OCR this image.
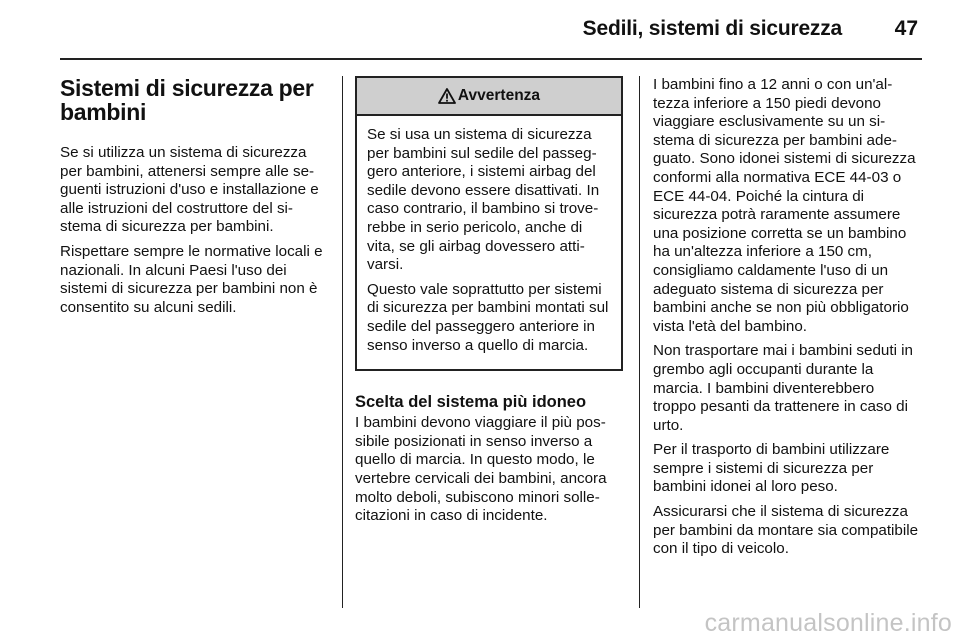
Sedili, sistemi di sicurezza	47
Sistemi di sicurezza per
bambini

Se si utilizza un sistema di sicurezza per bambini, attenersi sempre alle seguenti istruzioni d'uso e installazione e alle istruzioni del costruttore del sistema di sicurezza per bambini.

Rispettare sempre le normative locali e nazionali. In alcuni Paesi l'uso dei sistemi di sicurezza per bambini non è consentito su alcuni sedili.

Avvertenza

Se si usa un sistema di sicurezza per bambini sul sedile del passeggero anteriore, i sistemi airbag del sedile devono essere disattivati. In caso contrario, il bambino si troverebbe in serio pericolo, anche di vita, se gli airbag dovessero attivarsi.

Questo vale soprattutto per sistemi di sicurezza per bambini montati sul sedile del passeggero anteriore in senso inverso a quello di marcia.

Scelta del sistema più idoneo

I bambini devono viaggiare il più possibile posizionati in senso inverso a quello di marcia. In questo modo, le vertebre cervicali dei bambini, ancora molto deboli, subiscono minori sollecitazioni in caso di incidente.

I bambini fino a 12 anni o con un'altezza inferiore a 150 piedi devono viaggiare esclusivamente su un sistema di sicurezza per bambini adeguato. Sono idonei sistemi di sicurezza conformi alla normativa ECE 44-03 o ECE 44-04. Poiché la cintura di sicurezza potrà raramente assumere una posizione corretta se un bambino ha un'altezza inferiore a 150 cm, consigliamo caldamente l'uso di un adeguato sistema di sicurezza per bambini anche se non più obbligatorio vista l'età del bambino.

Non trasportare mai i bambini seduti in grembo agli occupanti durante la marcia. I bambini diventerebbero troppo pesanti da trattenere in caso di urto.

Per il trasporto di bambini utilizzare sempre i sistemi di sicurezza per bambini idonei al loro peso.

Assicurarsi che il sistema di sicurezza per bambini da montare sia compatibile con il tipo di veicolo.

carmanualsonline.info
